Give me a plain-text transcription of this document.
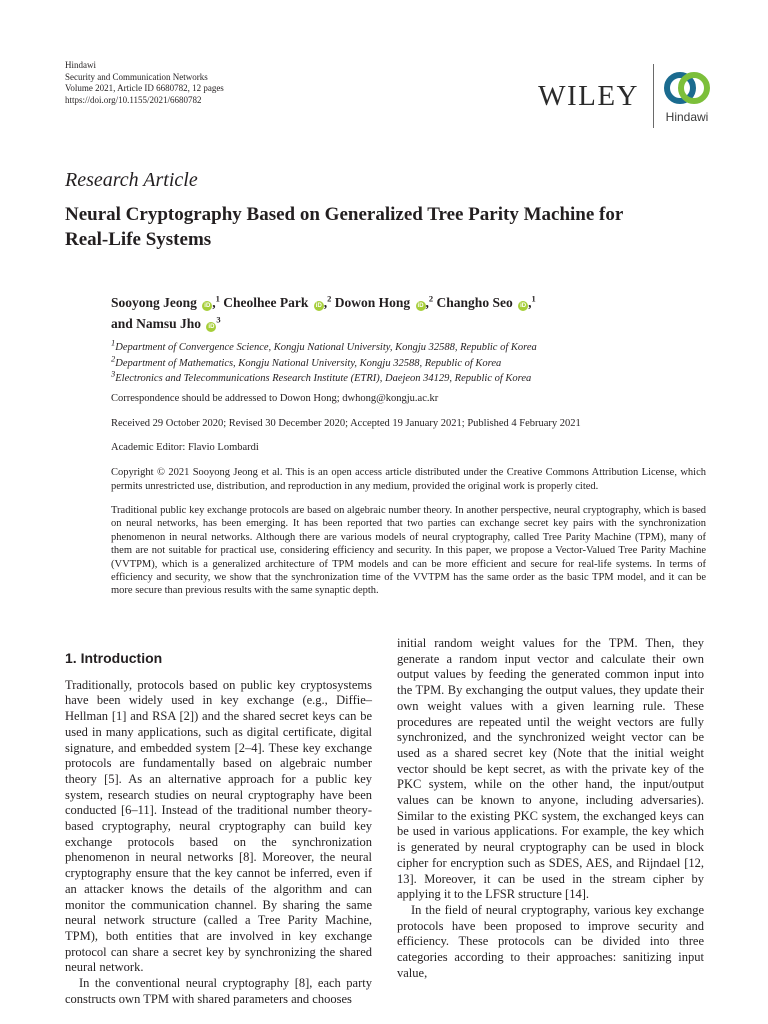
Hindawi
Security and Communication Networks
Volume 2021, Article ID 6680782, 12 pages
https://doi.org/10.1155/2021/6680782	WILEY
Hindawi
Research Article
Neural Cryptography Based on Generalized Tree Parity Machine for Real-Life Systems
Sooyong Jeong iD ,$^1$ Cheolhee Park iD ,$^2$ Dowon Hong iD ,$^2$ Changho Seo iD ,$^1$
and Namsu Jho $iD^3$
$^1$Department of Convergence Science, Kongju National University, Kongju 32588, Republic of Korea
$^2$Department of Mathematics, Kongju National University, Kongju 32588, Republic of Korea
$^3$Electronics and Telecommunications Research Institute (ETRI), Daejeon 34129, Republic of Korea
Correspondence should be addressed to Dowon Hong; dwhong@kongju.ac.kr
Received 29 October 2020; Revised 30 December 2020; Accepted 19 January 2021; Published 4 February 2021
Academic Editor: Flavio Lombardi

Copyright © 2021 Sooyong Jeong et al. This is an open access article distributed under the Creative Commons Attribution License, which permits unrestricted use, distribution, and reproduction in any medium, provided the original work is properly cited.

Traditional public key exchange protocols are based on algebraic number theory. In another perspective, neural cryptography, which is based on neural networks, has been emerging. It has been reported that two parties can exchange secret key pairs with the synchronization phenomenon in neural networks. Although there are various models of neural cryptography, called Tree Parity Machine (TPM), many of them are not suitable for practical use, considering efficiency and security. In this paper, we propose a Vector-Valued Tree Parity Machine (VVTPM), which is a generalized architecture of TPM models and can be more efficient and secure for real-life systems. In terms of efficiency and security, we show that the synchronization time of the VVTPM has the same order as the basic TPM model, and it can be more secure than previous results with the same synaptic depth.

1. Introduction

Traditionally, protocols based on public key cryptosystems have been widely used in key exchange (e.g., Diffie–Hellman [1] and RSA [2]) and the shared secret keys can be used in many applications, such as digital certificate, digital signature, and embedded system [2–4]. These key exchange protocols are fundamentally based on algebraic number theory [5]. As an alternative approach for a public key system, research studies on neural cryptography have been conducted [6–11]. Instead of the traditional number theory-based cryptography, neural cryptography can build key exchange protocols based on the synchronization phenomenon in neural networks [8]. Moreover, the neural cryptography ensure that the key cannot be inferred, even if an attacker knows the details of the algorithm and can monitor the communication channel. By sharing the same neural network structure (called a Tree Parity Machine, TPM), both entities that are involved in key exchange protocol can share a secret key by synchronizing the shared neural network.

In the conventional neural cryptography [8], each party constructs own TPM with shared parameters and chooses

initial random weight values for the TPM. Then, they generate a random input vector and calculate their own output values by feeding the generated common input into the TPM. By exchanging the output values, they update their own weight values with a given learning rule. These procedures are repeated until the weight vectors are fully synchronized, and the synchronized weight vector can be used as a shared secret key (Note that the initial weight vector should be kept secret, as with the private key of the PKC system, while on the other hand, the input/output values can be known to anyone, including adversaries). Similar to the existing PKC system, the exchanged keys can be used in various applications. For example, the key which is generated by neural cryptography can be used in block cipher for encryption such as SDES, AES, and Rijndael [12, 13]. Moreover, it can be used in the stream cipher by applying it to the LFSR structure [14].

In the field of neural cryptography, various key exchange protocols have been proposed to improve security and efficiency. These protocols can be divided into three categories according to their approaches: sanitizing input value,
